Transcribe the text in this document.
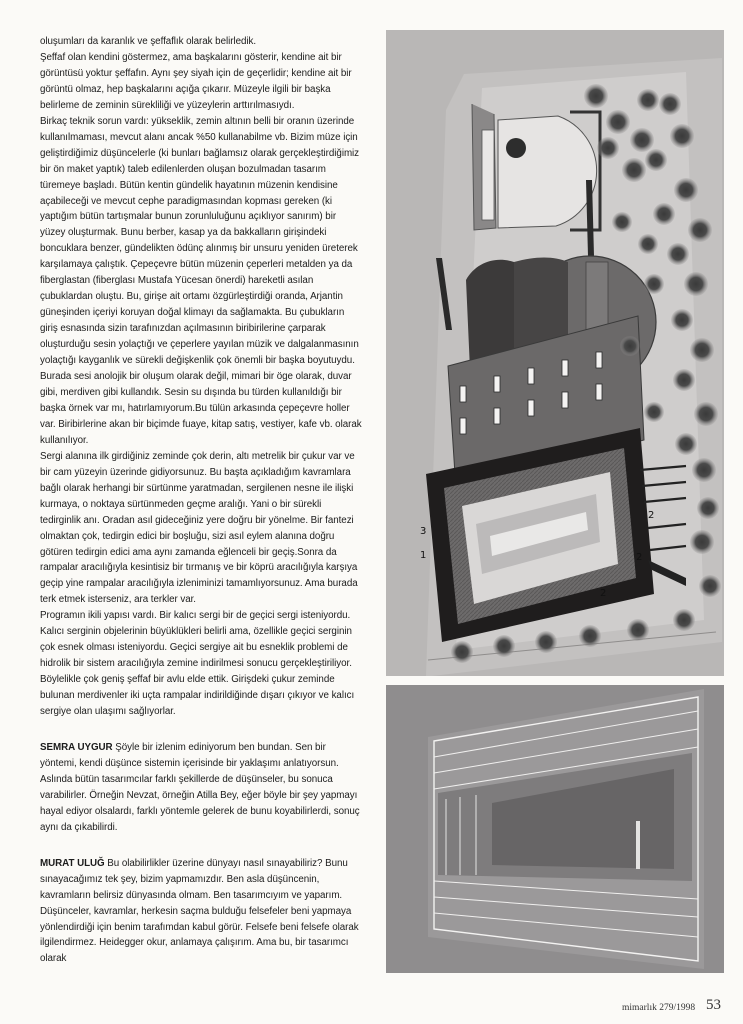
oluşumları da karanlık ve şeffaflık olarak belirledik.

Şeffaf olan kendini göstermez, ama başkalarını gösterir, kendine ait bir görüntüsü yoktur şeffafın. Aynı şey siyah için de geçerlidir; kendine ait bir görüntü olmaz, hep başkalarını açığa çıkarır. Müzeyle ilgili bir başka belirleme de zeminin sürekliliği ve yüzeylerin arttırılmasıydı.

Birkaç teknik sorun vardı: yükseklik, zemin altının belli bir oranın üzerinde kullanılmaması, mevcut alanı ancak %50 kullanabilme vb. Bizim müze için geliştirdiğimiz düşüncelerle (ki bunları bağlamsız olarak gerçekleştirdiğimiz bir ön maket yaptık) taleb edilenlerden oluşan bozulmadan tasarım türemeye başladı. Bütün kentin gündelik hayatının müzenin kendisine açabileceği ve mevcut cephe paradigmasından kopması gereken (ki yaptığım bütün tartışmalar bunun zorunluluğunu açıklıyor sanırım) bir yüzey oluşturmak. Bunu berber, kasap ya da bakkalların girişindeki boncuklara benzer, gündelikten ödünç alınmış bir unsuru yeniden üreterek karşılamaya çalıştık. Çepeçevre bütün müzenin çeperleri metalden ya da fiberglastan (fiberglası Mustafa Yücesan önerdi) hareketli asılan çubuklardan oluştu. Bu, girişe ait ortamı özgürleştirdiği oranda, Arjantin güneşinden içeriyi koruyan doğal klimayı da sağlamakta. Bu çubukların giriş esnasında sizin tarafınızdan açılmasının biribirilerine çarparak oluşturduğu sesin yolaçtığı ve çeperlere yayılan müzik ve dalgalanmasının yolaçtığı kayganlık ve sürekli değişkenlik çok önemli bir başka boyutuydu. Burada sesi anolojik bir oluşum olarak değil, mimari bir öge olarak, duvar gibi, merdiven gibi kullandık. Sesin su dışında bu türden kullanıldığı bir başka örnek var mı, hatırlamıyorum.Bu tülün arkasında çepeçevre holler var. Biribirlerine akan bir biçimde fuaye, kitap satış, vestiyer, kafe vb. olarak kullanılıyor.

Sergi alanına ilk girdiğiniz zeminde çok derin, altı metrelik bir çukur var ve bir cam yüzeyin üzerinde gidiyorsunuz. Bu başta açıkladığım kavramlara bağlı olarak herhangi bir sürtünme yaratmadan, sergilenen nesne ile ilişki kurmaya, o noktaya sürtünmeden geçme aralığı. Yani o bir sürekli tedirginlik anı. Oradan asıl gideceğiniz yere doğru bir yönelme. Bir fantezi olmaktan çok, tedirgin edici bir boşluğu, sizi asıl eylem alanına doğru götüren tedirgin edici ama aynı zamanda eğlenceli bir geçiş.Sonra da rampalar aracılığıyla kesintisiz bir tırmanış ve bir köprü aracılığıyla karşıya geçip yine rampalar aracılığıyla izleniminizi tamamlıyorsunuz. Ama burada terk etmek isterseniz, ara terkler var.

Programın ikili yapısı vardı. Bir kalıcı sergi bir de geçici sergi isteniyordu. Kalıcı serginin objelerinin büyüklükleri belirli ama, özellikle geçici serginin çok esnek olması isteniyordu. Geçici sergiye ait bu esneklik problemi de hidrolik bir sistem aracılığıyla zemine indirilmesi sonucu gerçekleştiriliyor. Böylelikle çok geniş şeffaf bir avlu elde ettik. Girişdeki çukur zeminde bulunan merdivenler iki uçta rampalar indirildiğinde dışarı çıkıyor ve kalıcı sergiye olan ulaşımı sağlıyorlar.

SEMRA UYGUR Şöyle bir izlenim ediniyorum ben bundan. Sen bir yöntemi, kendi düşünce sistemin içerisinde bir yaklaşımı anlatıyorsun. Aslında bütün tasarımcılar farklı şekillerde de düşünseler, bu sonuca varabilirler. Örneğin Nevzat, örneğin Atilla Bey, eğer böyle bir şey yapmayı hayal ediyor olsalardı, farklı yöntemle gelerek de bunu koyabilirlerdi, sonuç aynı da çıkabilirdi.

MURAT ULUĞ Bu olabilirlikler üzerine dünyayı nasıl sınayabiliriz? Bunu sınayacağımız tek şey, bizim yapmamızdır. Ben asla düşüncenin, kavramların belirsiz dünyasında olmam. Ben tasarımcıyım ve yaparım. Düşünceler, kavramlar, herkesin saçma bulduğu felsefeler beni yapmaya yönlendirdiği için benim tarafımdan kabul görür. Felsefe beni felsefe olarak ilgilendirmez. Heidegger okur, anlamaya çalışırım. Ama bu, bir tasarımcı olarak

2
2
2
3
1
mimarlık 279/1998 53
